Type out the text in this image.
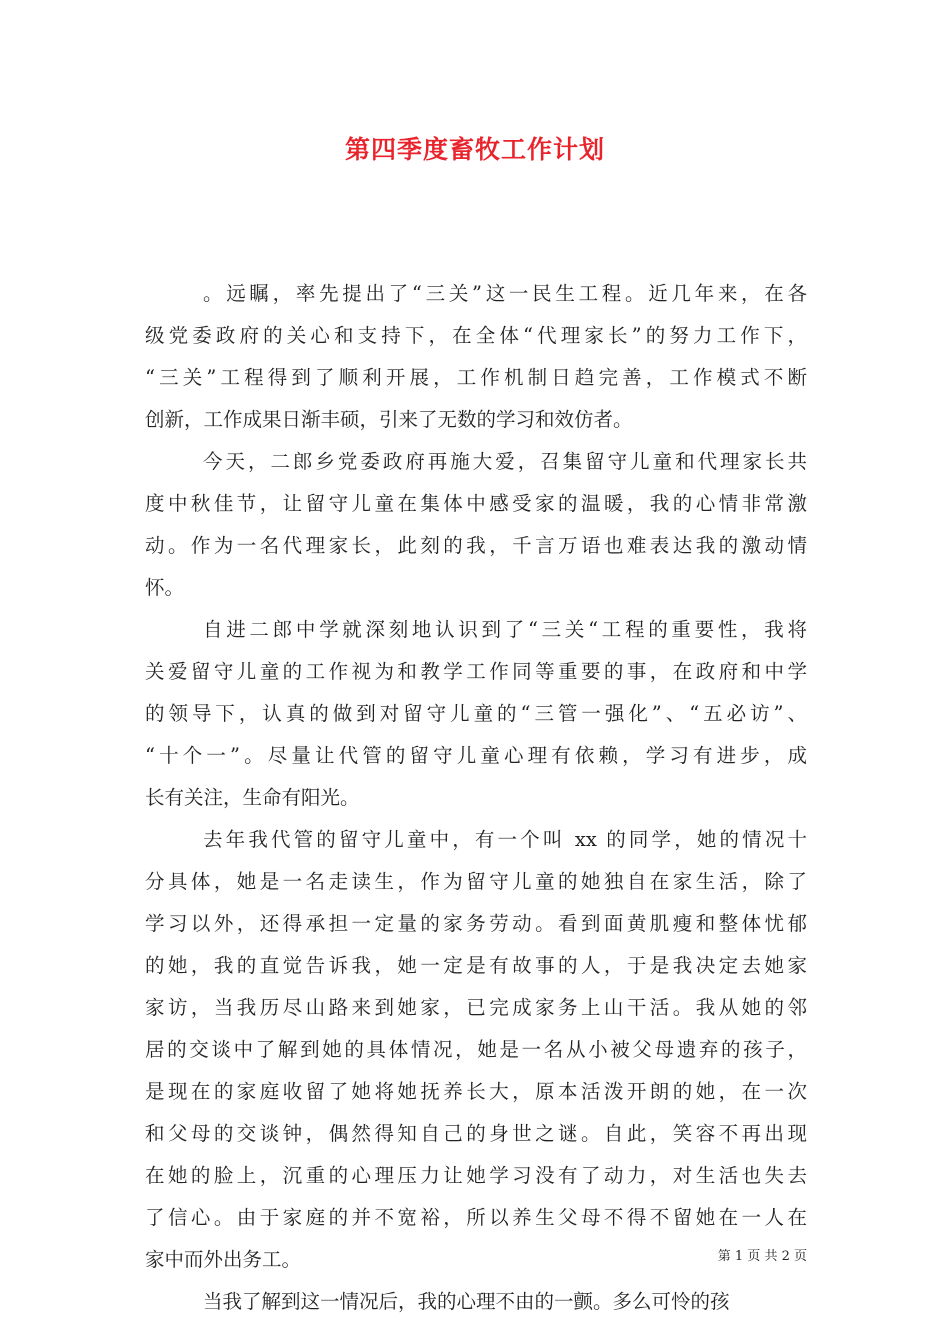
第四季度畜牧工作计划
。远瞩，率先提出了“三关”这一民生工程。近几年来，在各
级党委政府的关心和支持下，在全体“代理家长”的努力工作下，
“三关”工程得到了顺利开展，工作机制日趋完善，工作模式不断
创新，工作成果日渐丰硕，引来了无数的学习和效仿者。
今天，二郎乡党委政府再施大爱，召集留守儿童和代理家长共
度中秋佳节，让留守儿童在集体中感受家的温暖，我的心情非常激
动。作为一名代理家长，此刻的我，千言万语也难表达我的激动情
怀。
自进二郎中学就深刻地认识到了“三关“工程的重要性，我将
关爱留守儿童的工作视为和教学工作同等重要的事，在政府和中学
的领导下，认真的做到对留守儿童的“三管一强化”、“五必访”、
“十个一”。尽量让代管的留守儿童心理有依赖，学习有进步，成
长有关注，生命有阳光。
去年我代管的留守儿童中，有一个叫 xx 的同学，她的情况十
分具体，她是一名走读生，作为留守儿童的她独自在家生活，除了
学习以外，还得承担一定量的家务劳动。看到面黄肌瘦和整体忧郁
的她，我的直觉告诉我，她一定是有故事的人，于是我决定去她家
家访，当我历尽山路来到她家，已完成家务上山干活。我从她的邻
居的交谈中了解到她的具体情况，她是一名从小被父母遗弃的孩子，
是现在的家庭收留了她将她抚养长大，原本活泼开朗的她，在一次
和父母的交谈钟，偶然得知自己的身世之谜。自此，笑容不再出现
在她的脸上，沉重的心理压力让她学习没有了动力，对生活也失去
了信心。由于家庭的并不宽裕，所以养生父母不得不留她在一人在
家中而外出务工。
当我了解到这一情况后，我的心理不由的一颤。多么可怜的孩
第 1 页 共 2 页
